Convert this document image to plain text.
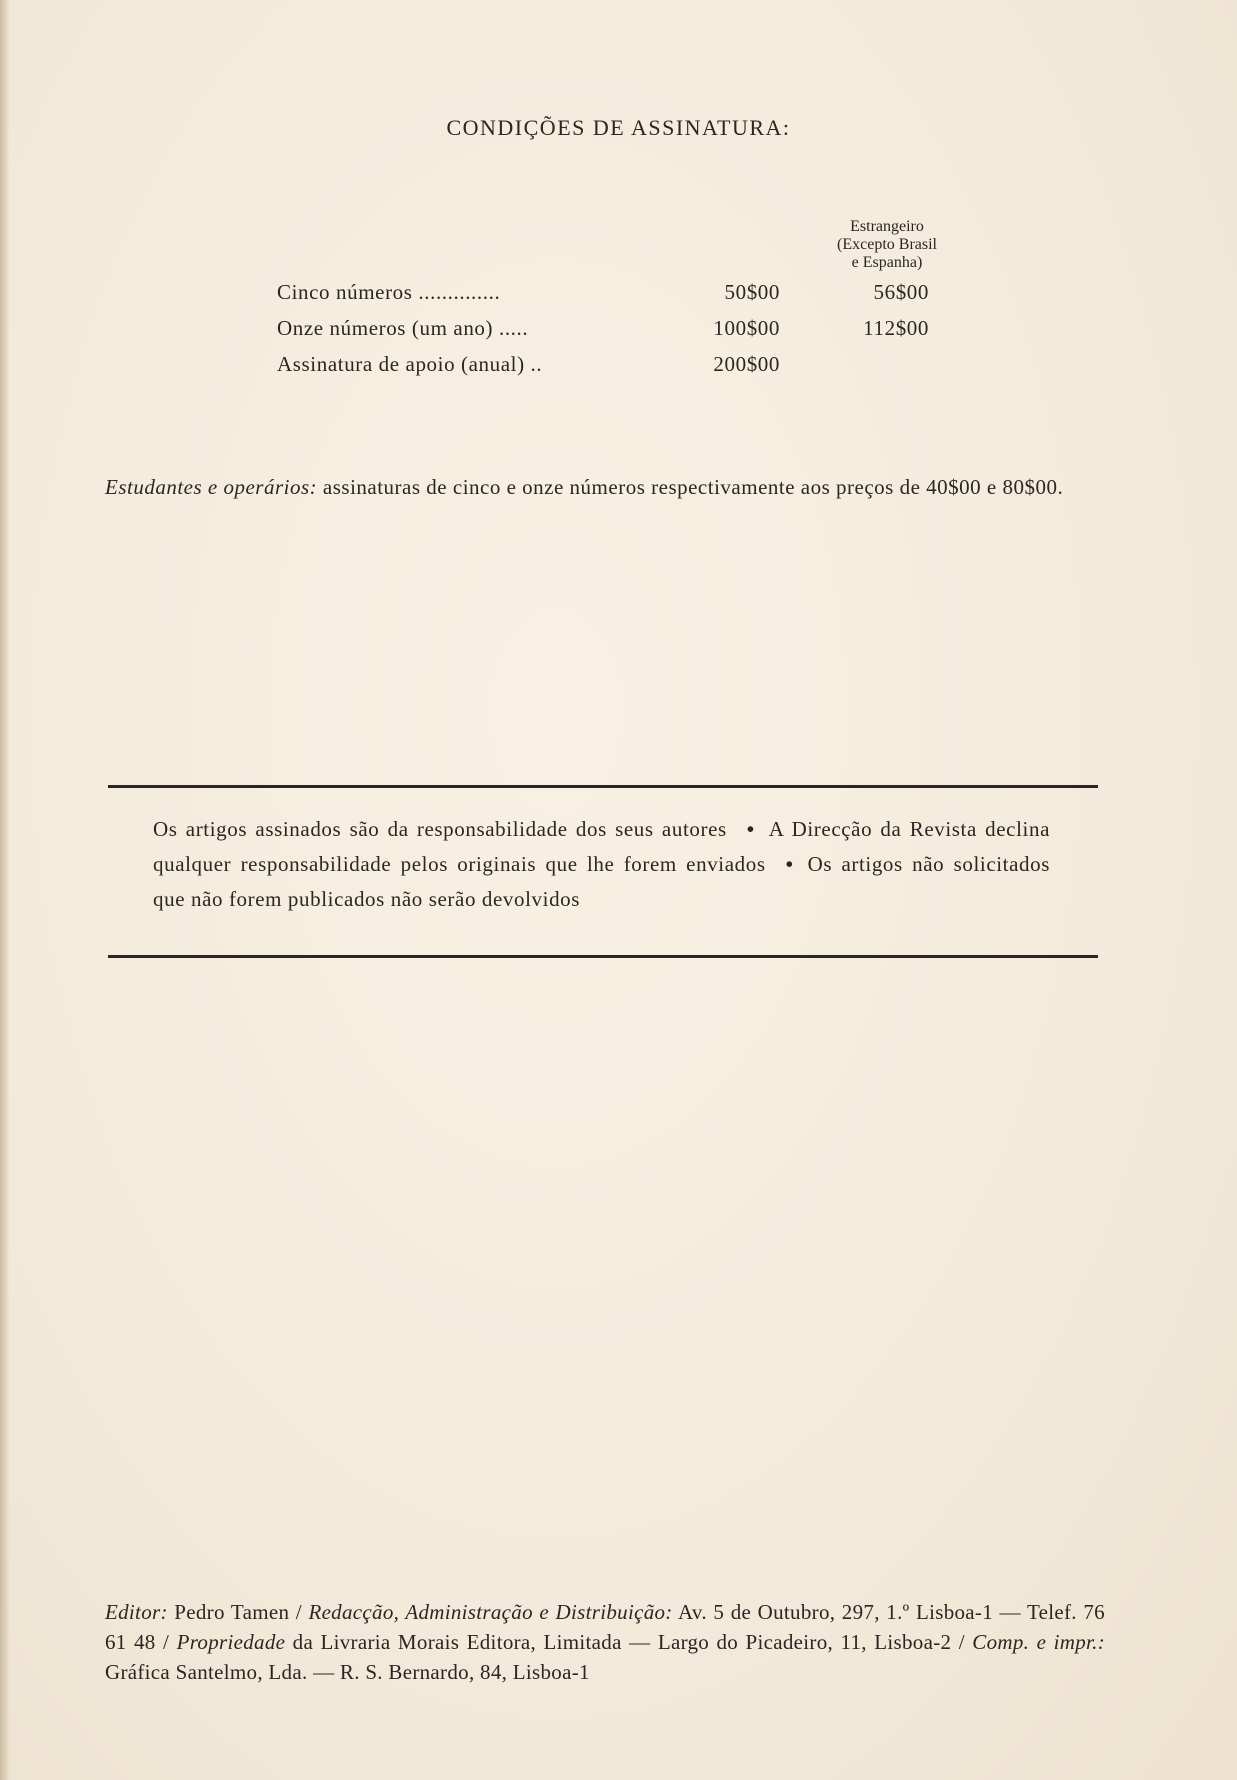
CONDIÇÕES DE ASSINATURA:
Estrangeiro
(Excepto Brasil
e Espanha)
Cinco números ..............	50$00	56$00
Onze números (um ano) .....	100$00	112$00
Assinatura de apoio (anual) ..	200$00
Estudantes e operários: assinaturas de cinco e onze números respectivamente aos preços de 40$00 e 80$00.
Os artigos assinados são da responsabilidade dos seus autores • A Direcção da Revista declina qualquer responsabilidade pelos originais que lhe forem enviados • Os artigos não solicitados que não forem publicados não serão devolvidos
Editor: Pedro Tamen / Redacção, Administração e Distribuição: Av. 5 de Outubro, 297, 1.º Lisboa-1 — Telef. 76 61 48 / Propriedade da Livraria Morais Editora, Limitada — Largo do Picadeiro, 11, Lisboa-2 / Comp. e impr.: Gráfica Santelmo, Lda. — R. S. Bernardo, 84, Lisboa-1
